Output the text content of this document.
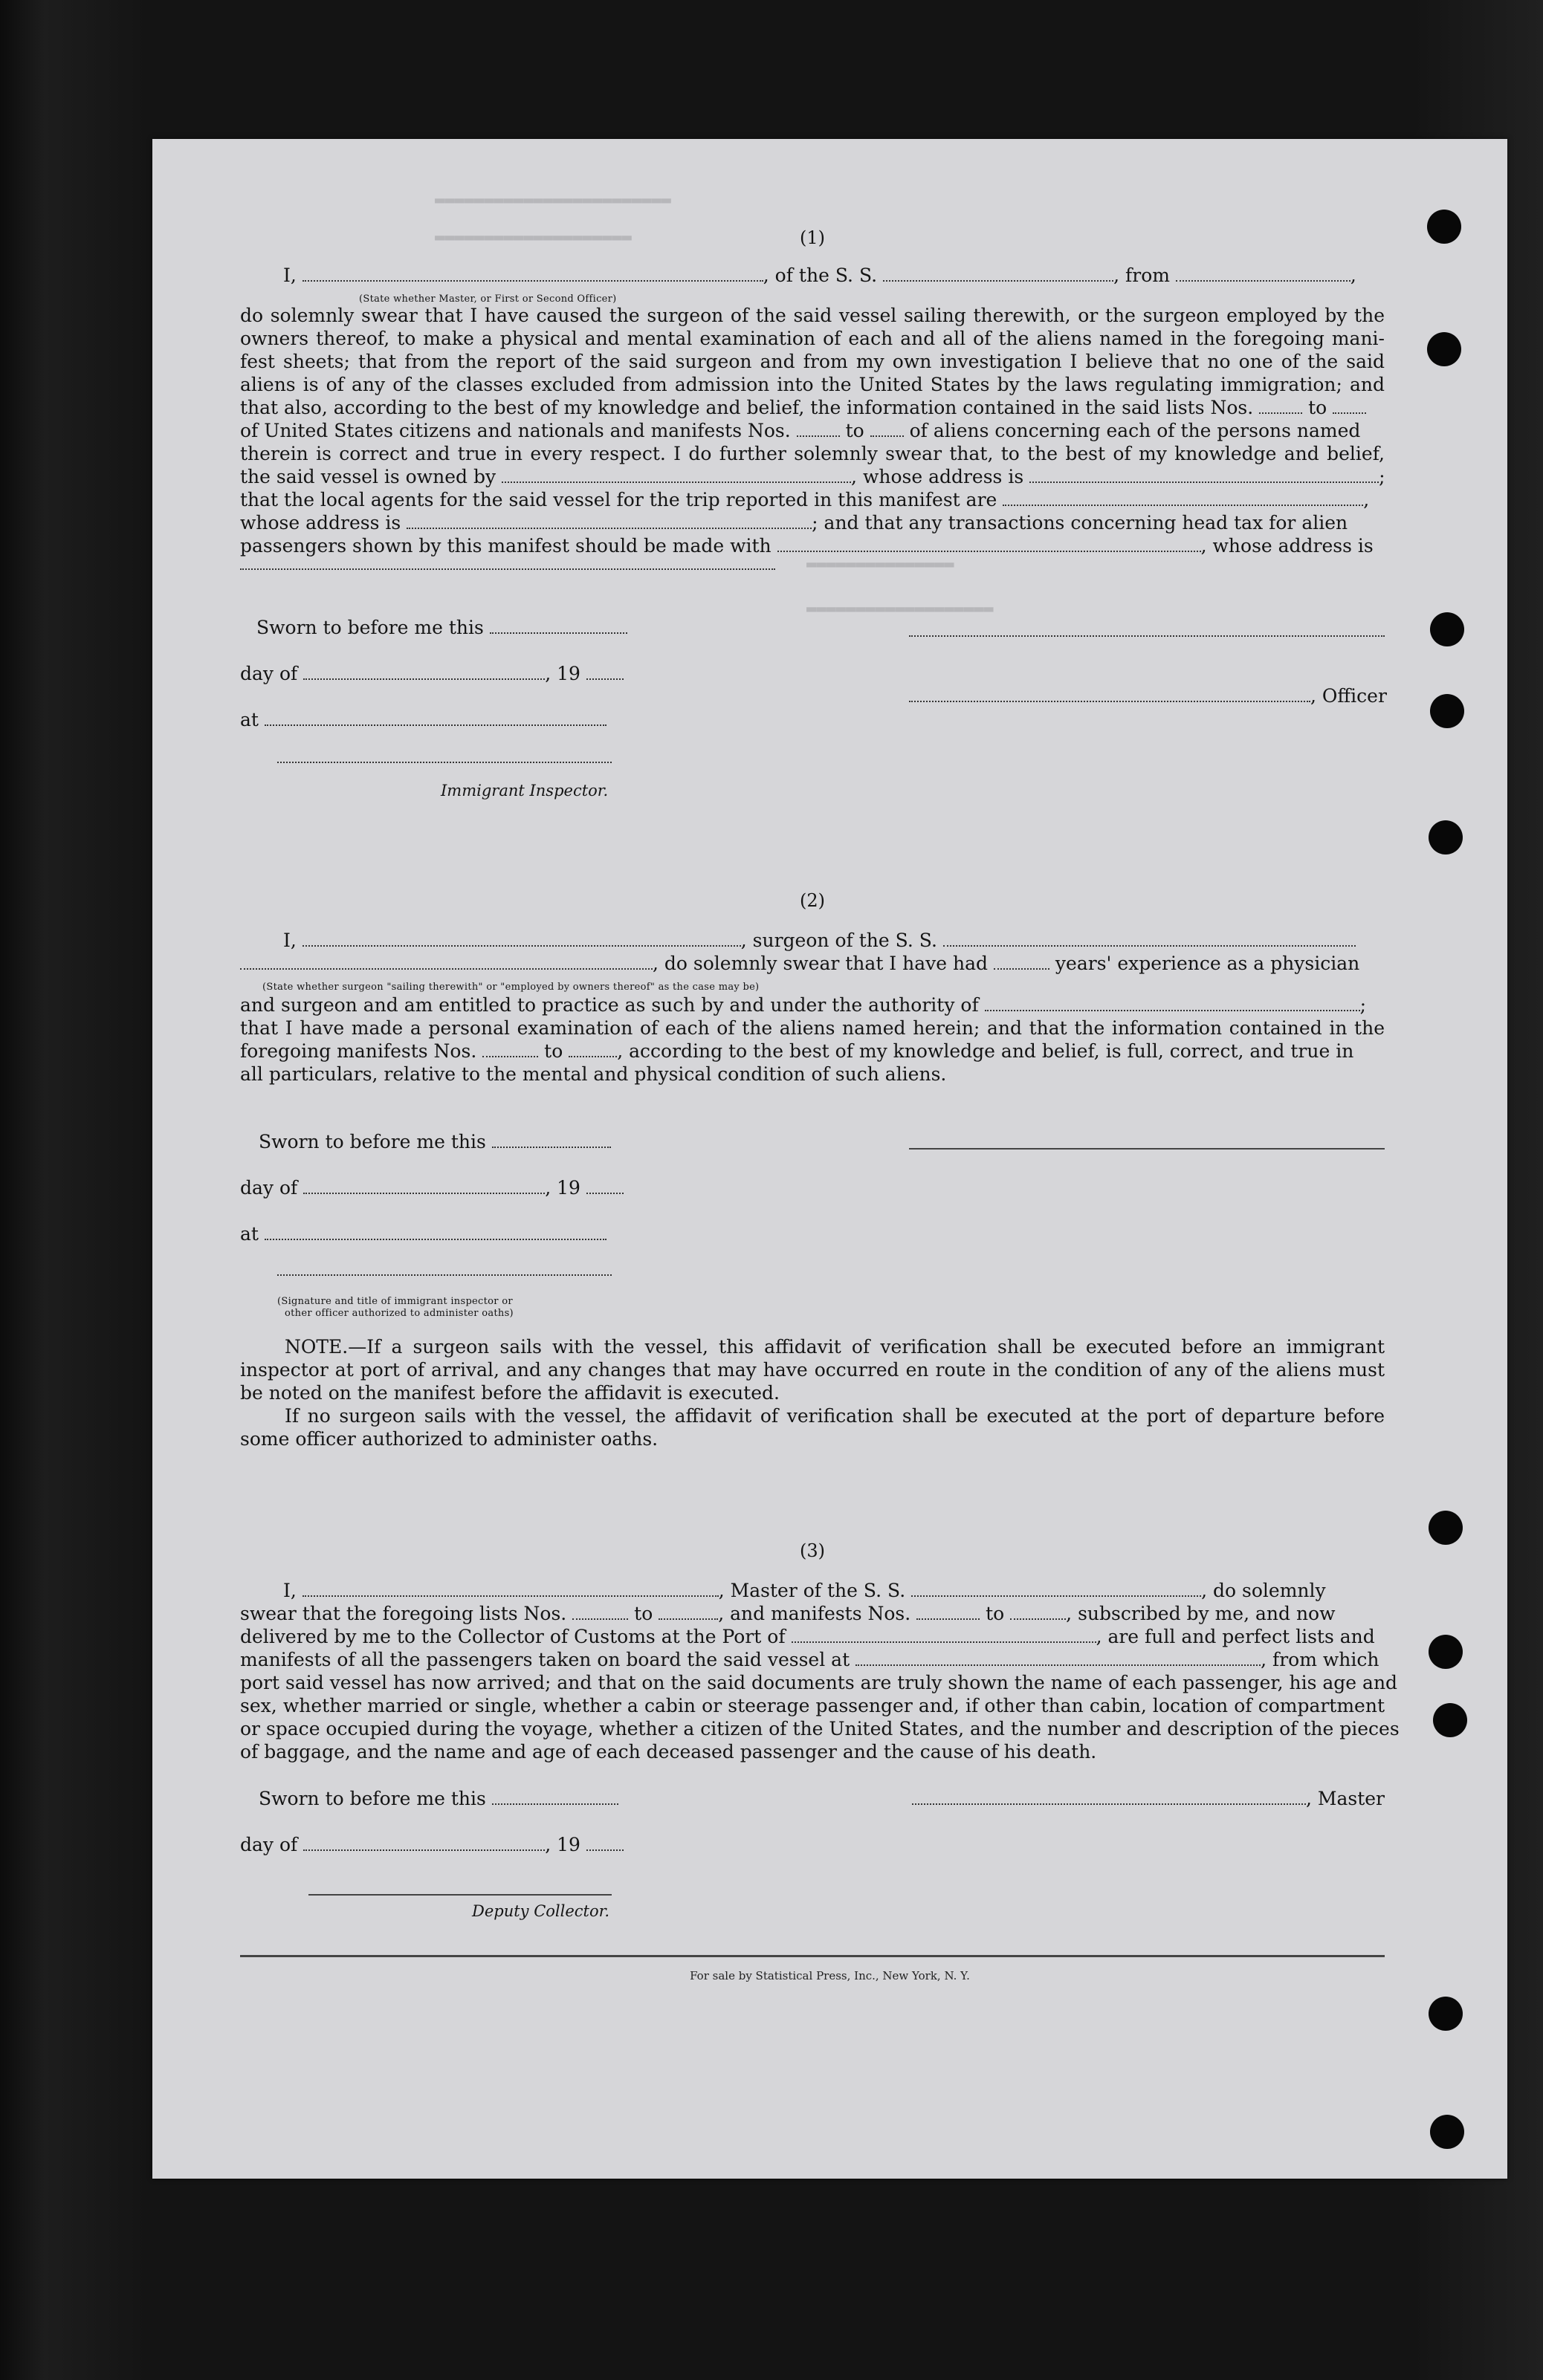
▬▬▬▬▬▬▬▬▬▬▬▬▬▬▬▬▬▬▬▬▬▬▬▬
▬▬▬▬▬▬▬▬▬▬▬▬▬▬▬▬▬▬▬▬
▬▬▬▬▬▬▬▬▬▬▬▬▬▬▬
▬▬▬▬▬▬▬▬▬▬▬▬▬▬▬▬▬▬▬
(1)
I,	, of the S. S.	, from	,
(State whether Master, or First or Second Officer)
do solemnly swear that I have caused the surgeon of the said vessel sailing therewith, or the surgeon employed by the
owners thereof, to make a physical and mental examination of each and all of the aliens named in the foregoing mani-
fest sheets; that from the report of the said surgeon and from my own investigation I believe that no one of the said
aliens is of any of the classes excluded from admission into the United States by the laws regulating immigration; and
that also, according to the best of my knowledge and belief, the information contained in the said lists Nos.	to
of United States citizens and nationals and manifests Nos.	to of aliens concerning each of the persons named
therein is correct and true in every respect. I do further solemnly swear that, to the best of my knowledge and belief,
the said vessel is owned by	, whose address is	;
that the local agents for the said vessel for the trip reported in this manifest are	,
whose address is	; and that any transactions concerning head tax for alien
passengers shown by this manifest should be made with	, whose address is
Sworn to before me this
day of	, 19
, Officer
at
Immigrant Inspector.
(2)
I,	, surgeon of the S. S.
, do solemnly swear that I have had	years' experience as a physician
(State whether surgeon "sailing therewith" or "employed by owners thereof" as the case may be)
and surgeon and am entitled to practice as such by and under the authority of	;
that I have made a personal examination of each of the aliens named herein; and that the information contained in the
foregoing manifests Nos.	to	, according to the best of my knowledge and belief, is full, correct, and true in
all particulars, relative to the mental and physical condition of such aliens.
Sworn to before me this
day of	, 19
at
(Signature and title of immigrant inspector or
other officer authorized to administer oaths)
NOTE.—If a surgeon sails with the vessel, this affidavit of verification shall be executed before an immigrant
inspector at port of arrival, and any changes that may have occurred en route in the condition of any of the aliens must
be noted on the manifest before the affidavit is executed.
If no surgeon sails with the vessel, the affidavit of verification shall be executed at the port of departure before
some officer authorized to administer oaths.
(3)
I,	, Master of the S. S.	, do solemnly
swear that the foregoing lists Nos.	to	, and manifests Nos.	to	, subscribed by me, and now
delivered by me to the Collector of Customs at the Port of	, are full and perfect lists and
manifests of all the passengers taken on board the said vessel at	, from which
port said vessel has now arrived; and that on the said documents are truly shown the name of each passenger, his age and
sex, whether married or single, whether a cabin or steerage passenger and, if other than cabin, location of compartment
or space occupied during the voyage, whether a citizen of the United States, and the number and description of the pieces
of baggage, and the name and age of each deceased passenger and the cause of his death.
Sworn to before me this	, Master
day of	, 19
Deputy Collector.
For sale by Statistical Press, Inc., New York, N. Y.
